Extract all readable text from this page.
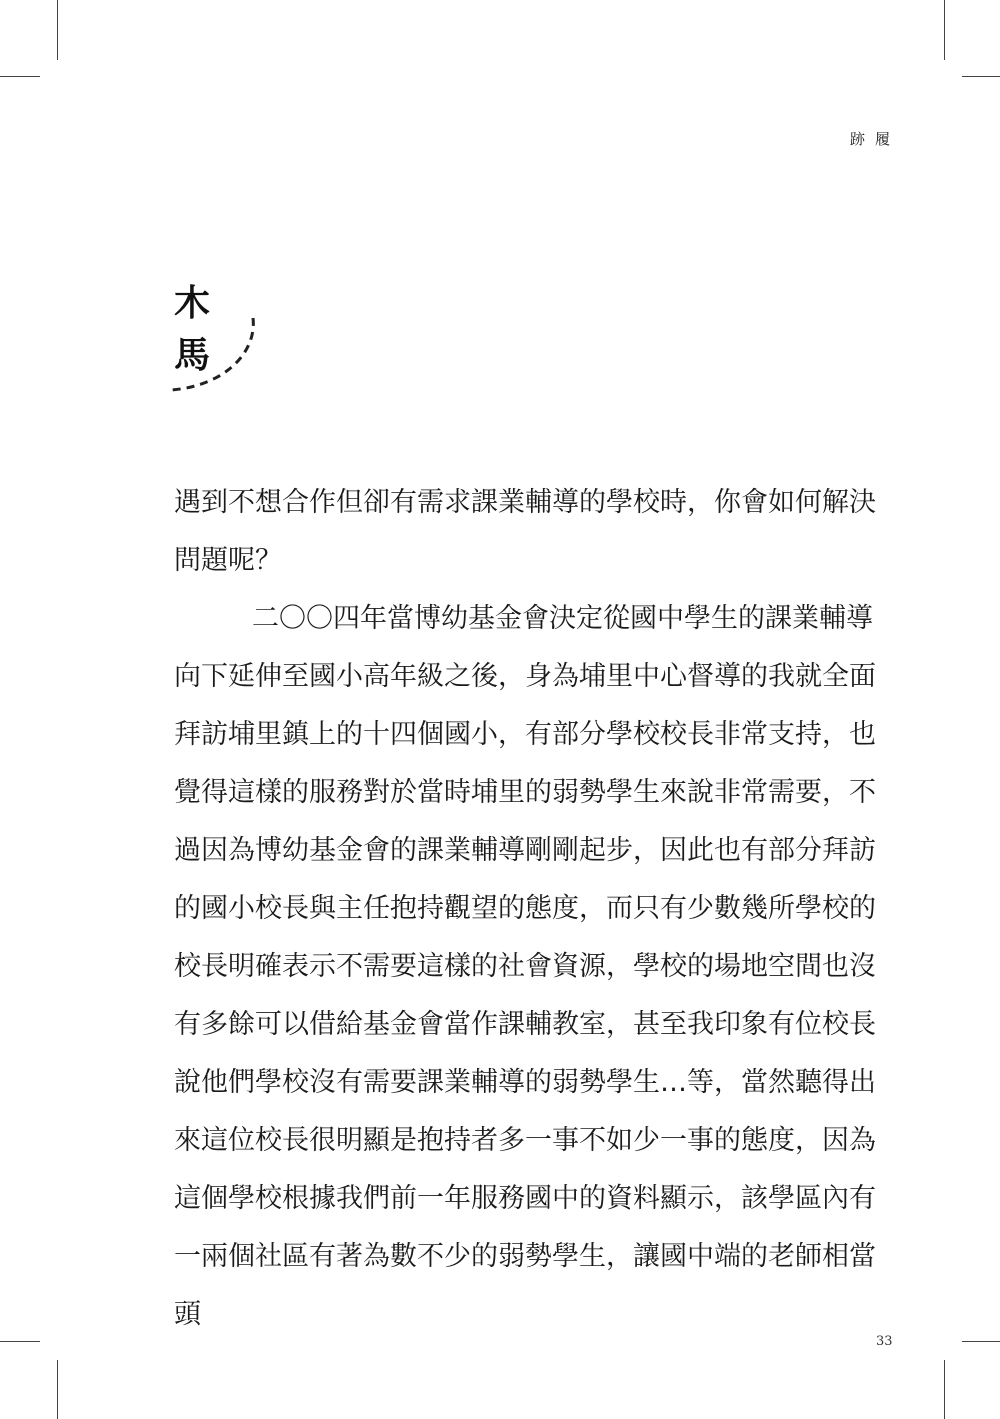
跡履
木
馬
遇到不想合作但卻有需求課業輔導的學校時，你會如何解決
問題呢？
二〇〇四年當博幼基金會決定從國中學生的課業輔導
向下延伸至國小高年級之後，身為埔里中心督導的我就全面
拜訪埔里鎮上的十四個國小，有部分學校校長非常支持，也
覺得這樣的服務對於當時埔里的弱勢學生來說非常需要，不
過因為博幼基金會的課業輔導剛剛起步，因此也有部分拜訪
的國小校長與主任抱持觀望的態度，而只有少數幾所學校的
校長明確表示不需要這樣的社會資源，學校的場地空間也沒
有多餘可以借給基金會當作課輔教室，甚至我印象有位校長
說他們學校沒有需要課業輔導的弱勢學生…等，當然聽得出
來這位校長很明顯是抱持者多一事不如少一事的態度，因為
這個學校根據我們前一年服務國中的資料顯示，該學區內有
一兩個社區有著為數不少的弱勢學生，讓國中端的老師相當
頭
33
